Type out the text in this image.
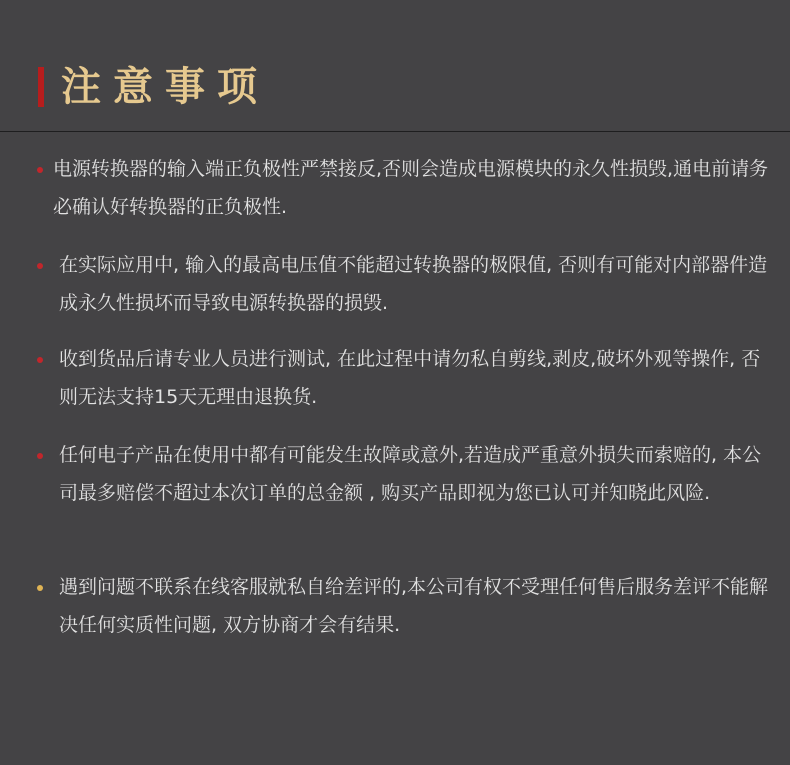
注意事项
电源转换器的输入端正负极性严禁接反,否则会造成电源模块的永久性损毁,通电前请务必确认好转换器的正负极性.
在实际应用中, 输入的最高电压值不能超过转换器的极限值, 否则有可能对内部器件造成永久性损坏而导致电源转换器的损毁.
收到货品后请专业人员进行测试, 在此过程中请勿私自剪线,剥皮,破坏外观等操作, 否则无法支持15天无理由退换货.
任何电子产品在使用中都有可能发生故障或意外,若造成严重意外损失而索赔的, 本公司最多赔偿不超过本次订单的总金额 , 购买产品即视为您已认可并知晓此风险.
遇到问题不联系在线客服就私自给差评的,本公司有权不受理任何售后服务差评不能解决任何实质性问题, 双方协商才会有结果.
